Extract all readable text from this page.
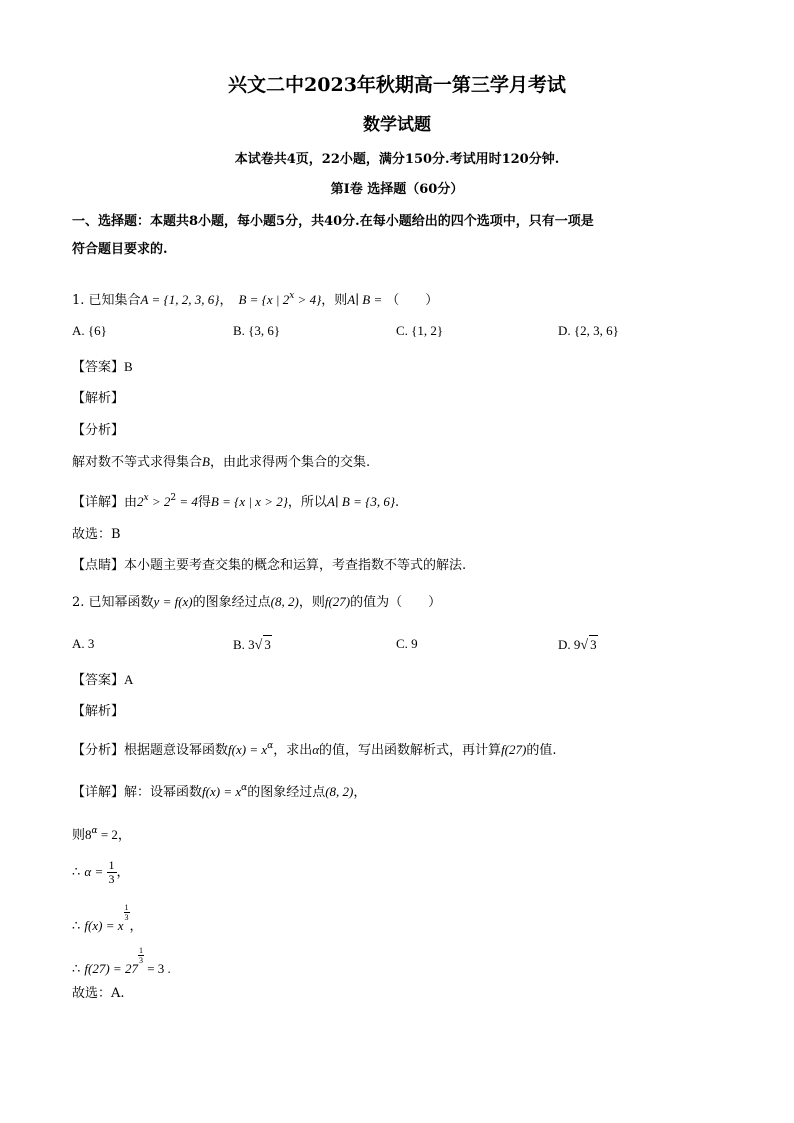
兴文二中2023年秋期高一第三学月考试
数学试题
本试卷共4页，22小题，满分150分.考试用时120分钟.
第I卷 选择题（60分）
一、选择题：本题共8小题，每小题5分，共40分.在每小题给出的四个选项中，只有一项是
符合题目要求的.
1. 已知集合A = {1, 2, 3, 6}， B = {x | $2^x > 4$}，则A∣ B = （　　）
A. {6}	B. {3, 6}	C. {1, 2}	D. {2, 3, 6}
【答案】B
【解析】
【分析】
解对数不等式求得集合B，由此求得两个集合的交集.
【详解】由$2^x > 2^2 = 4$得B = {x | x > 2}，所以A∣ B = {3, 6}.
故选：B
【点睛】本小题主要考查交集的概念和运算，考查指数不等式的解法.
2. 已知幂函数y = f(x)的图象经过点(8, 2)，则f(27)的值为（　　）
A. 3	B. 3√ 3	C. 9	D. 9√ 3
【答案】A
【解析】
【分析】根据题意设幂函数$f(x) = x^\alpha$，求出α的值，写出函数解析式，再计算f(27)的值.
【详解】解：设幂函数$f(x) = x^\alpha$的图象经过点(8, 2)，
则$8^\alpha = 2$，
∴ $\alpha = \frac{1}{3}$ ，
∴ f(x) = x
$\frac{1}{3}$
，
∴ f(27) = 27
$\frac{1}{3}$
= 3 .
故选：A.
